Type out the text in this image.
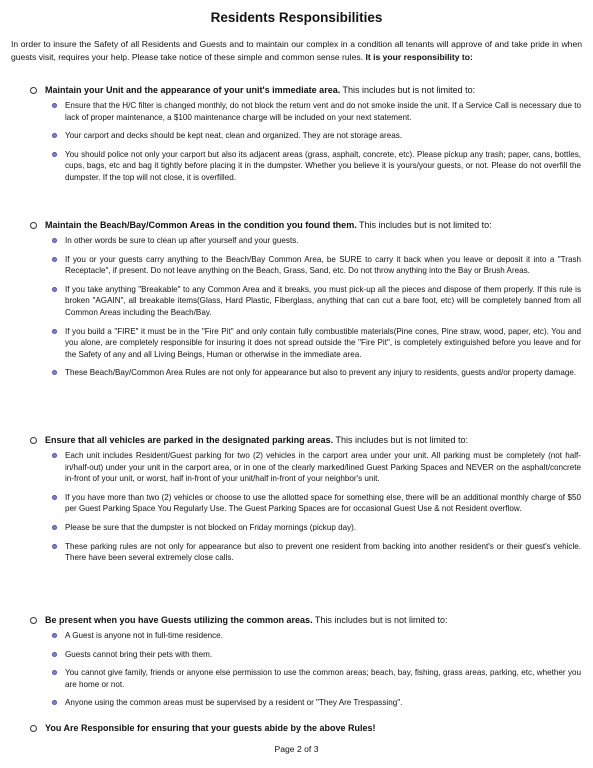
Residents Responsibilities
In order to insure the Safety of all Residents and Guests and to maintain our complex in a condition all tenants will approve of and take pride in when guests visit, requires your help. Please take notice of these simple and common sense rules. It is your responsibility to:
Maintain your Unit and the appearance of your unit's immediate area. This includes but is not limited to:
Ensure that the H/C filter is changed monthly, do not block the return vent and do not smoke inside the unit. If a Service Call is necessary due to lack of proper maintenance, a $100 maintenance charge will be included on your next statement.
Your carport and decks should be kept neat, clean and organized. They are not storage areas.
You should police not only your carport but also its adjacent areas (grass, asphalt, concrete, etc). Please pickup any trash; paper, cans, bottles, cups, bags, etc and bag it tightly before placing it in the dumpster. Whether you believe it is yours/your guests, or not. Please do not overfill the dumpster. If the top will not close, it is overfilled.
Maintain the Beach/Bay/Common Areas in the condition you found them. This includes but is not limited to:
In other words be sure to clean up after yourself and your guests.
If you or your guests carry anything to the Beach/Bay Common Area, be SURE to carry it back when you leave or deposit it into a "Trash Receptacle", if present. Do not leave anything on the Beach, Grass, Sand, etc. Do not throw anything into the Bay or Brush Areas.
If you take anything "Breakable" to any Common Area and it breaks, you must pick-up all the pieces and dispose of them properly. If this rule is broken "AGAIN", all breakable items(Glass, Hard Plastic, Fiberglass, anything that can cut a bare foot, etc) will be completely banned from all Common Areas including the Beach/Bay.
If you build a "FIRE" it must be in the "Fire Pit" and only contain fully combustible materials(Pine cones, Pine straw, wood, paper, etc). You and you alone, are completely responsible for insuring it does not spread outside the "Fire Pit", is completely extinguished before you leave and for the Safety of any and all Living Beings, Human or otherwise in the immediate area.
These Beach/Bay/Common Area Rules are not only for appearance but also to prevent any injury to residents, guests and/or property damage.
Ensure that all vehicles are parked in the designated parking areas. This includes but is not limited to:
Each unit includes Resident/Guest parking for two (2) vehicles in the carport area under your unit. All parking must be completely (not half-in/half-out) under your unit in the carport area, or in one of the clearly marked/lined Guest Parking Spaces and NEVER on the asphalt/concrete in-front of your unit, or worst, half in-front of your unit/half in-front of your neighbor's unit.
If you have more than two (2) vehicles or choose to use the allotted space for something else, there will be an additional monthly charge of $50 per Guest Parking Space You Regularly Use. The Guest Parking Spaces are for occasional Guest Use & not Resident overflow.
Please be sure that the dumpster is not blocked on Friday mornings (pickup day).
These parking rules are not only for appearance but also to prevent one resident from backing into another resident's or their guest's vehicle. There have been several extremely close calls.
Be present when you have Guests utilizing the common areas. This includes but is not limited to:
A Guest is anyone not in full-time residence.
Guests cannot bring their pets with them.
You cannot give family, friends or anyone else permission to use the common areas; beach, bay, fishing, grass areas, parking, etc, whether you are home or not.
Anyone using the common areas must be supervised by a resident or "They Are Trespassing".
You Are Responsible for ensuring that your guests abide by the above Rules!
Page 2 of 3
